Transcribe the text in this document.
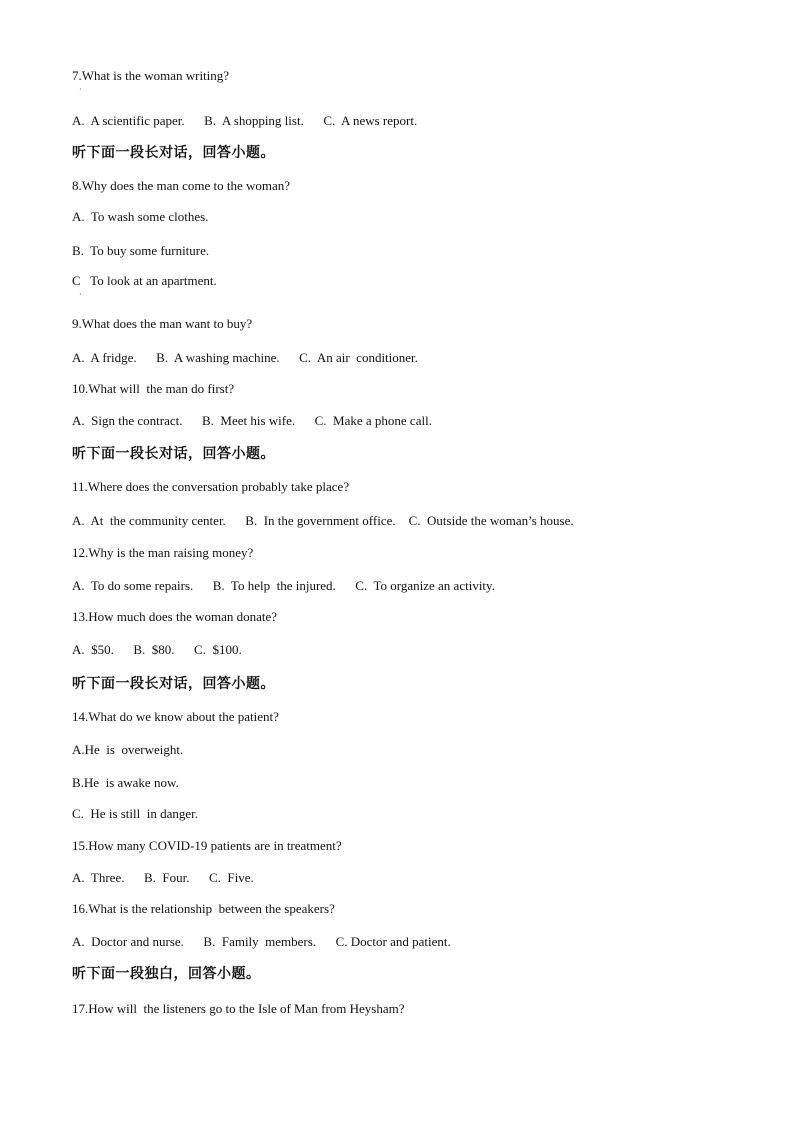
7.What is the woman writing?
·
A.  A scientific paper.      B.  A shopping list.      C.  A news report.
听下面一段长对话，回答小题。
8.Why does the man come to the woman?
A.  To wash some clothes.
B.  To buy some furniture.
C   To look at an apartment.
·
9.What does the man want to buy?
A.  A fridge.      B.  A washing machine.      C.  An air  conditioner.
10.What will  the man do first?
A.  Sign the contract.      B.  Meet his wife.      C.  Make a phone call.
听下面一段长对话，回答小题。
11.Where does the conversation probably take place?
A.  At  the community center.      B.  In the government office.    C.  Outside the woman’s house.
12.Why is the man raising money?
A.  To do some repairs.      B.  To help  the injured.      C.  To organize an activity.
13.How much does the woman donate?
A.  $50.      B.  $80.      C.  $100.
听下面一段长对话，回答小题。
14.What do we know about the patient?
A.He  is  overweight.
B.He  is awake now.
C.  He is still  in danger.
15.How many COVID-19 patients are in treatment?
A.  Three.      B.  Four.      C.  Five.
16.What is the relationship  between the speakers?
A.  Doctor and nurse.      B.  Family  members.      C. Doctor and patient.
听下面一段独白，回答小题。
17.How will  the listeners go to the Isle of Man from Heysham?
